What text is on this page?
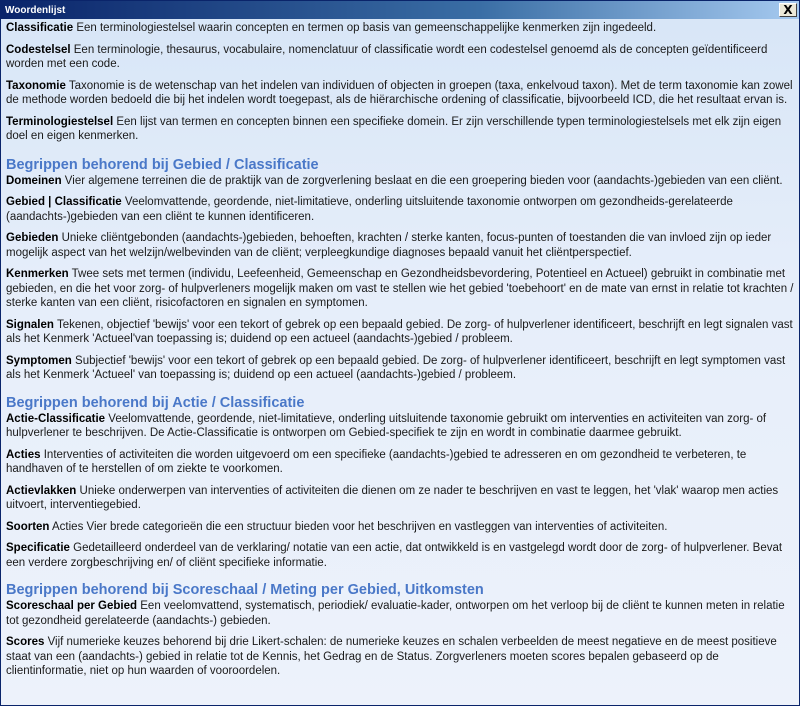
Woordenlijst	X

Classificatie Een terminologiestelsel waarin concepten en termen op basis van gemeenschappelijke kenmerken zijn ingedeeld.

Codestelsel Een terminologie, thesaurus, vocabulaire, nomenclatuur of classificatie wordt een codestelsel genoemd als de concepten geïdentificeerd worden met een code.

Taxonomie Taxonomie is de wetenschap van het indelen van individuen of objecten in groepen (taxa, enkelvoud taxon). Met de term taxonomie kan zowel de methode worden bedoeld die bij het indelen wordt toegepast, als de hiërarchische ordening of classificatie, bijvoorbeeld ICD, die het resultaat ervan is.

Terminologiestelsel Een lijst van termen en concepten binnen een specifieke domein. Er zijn verschillende typen terminologiestelsels met elk zijn eigen doel en eigen kenmerken.

Begrippen behorend bij Gebied / Classificatie

Domeinen Vier algemene terreinen die de praktijk van de zorgverlening beslaat en die een groepering bieden voor (aandachts-)gebieden van een cliënt.

Gebied | Classificatie Veelomvattende, geordende, niet-limitatieve, onderling uitsluitende taxonomie ontworpen om gezondheids-gerelateerde (aandachts-)gebieden van een cliënt te kunnen identificeren.

Gebieden Unieke cliëntgebonden (aandachts-)gebieden, behoeften, krachten / sterke kanten, focus-punten of toestanden die van invloed zijn op ieder mogelijk aspect van het welzijn/welbevinden van de cliënt; verpleegkundige diagnoses bepaald vanuit het cliëntperspectief.

Kenmerken Twee sets met termen (individu, Leefeenheid, Gemeenschap en Gezondheidsbevordering, Potentieel en Actueel) gebruikt in combinatie met gebieden, en die het voor zorg- of hulpverleners mogelijk maken om vast te stellen wie het gebied 'toebehoort' en de mate van ernst in relatie tot krachten / sterke kanten van een cliënt, risicofactoren en signalen en symptomen.

Signalen Tekenen, objectief 'bewijs' voor een tekort of gebrek op een bepaald gebied. De zorg- of hulpverlener identificeert, beschrijft en legt signalen vast als het Kenmerk 'Actueel'van toepassing is; duidend op een actueel (aandachts-)gebied / probleem.

Symptomen Subjectief 'bewijs' voor een tekort of gebrek op een bepaald gebied. De zorg- of hulpverlener identificeert, beschrijft en legt symptomen vast als het Kenmerk 'Actueel' van toepassing is; duidend op een actueel (aandachts-)gebied / probleem.

Begrippen behorend bij Actie / Classificatie

Actie-Classificatie Veelomvattende, geordende, niet-limitatieve, onderling uitsluitende taxonomie gebruikt om interventies en activiteiten van zorg- of hulpverlener te beschrijven. De Actie-Classificatie is ontworpen om Gebied-specifiek te zijn en wordt in combinatie daarmee gebruikt.

Acties Interventies of activiteiten die worden uitgevoerd om een specifieke (aandachts-)gebied te adresseren en om gezondheid te verbeteren, te handhaven of te herstellen of om ziekte te voorkomen.

Actievlakken Unieke onderwerpen van interventies of activiteiten die dienen om ze nader te beschrijven en vast te leggen, het 'vlak' waarop men acties uitvoert, interventiegebied.

Soorten Acties Vier brede categorieën die een structuur bieden voor het beschrijven en vastleggen van interventies of activiteiten.

Specificatie Gedetailleerd onderdeel van de verklaring/ notatie van een actie, dat ontwikkeld is en vastgelegd wordt door de zorg- of hulpverlener. Bevat een verdere zorgbeschrijving en/ of cliënt specifieke informatie.

Begrippen behorend bij Scoreschaal / Meting per Gebied, Uitkomsten

Scoreschaal per Gebied Een veelomvattend, systematisch, periodiek/ evaluatie-kader, ontworpen om het verloop bij de cliënt te kunnen meten in relatie tot gezondheid gerelateerde (aandachts-) gebieden.

Scores Vijf numerieke keuzes behorend bij drie Likert-schalen: de numerieke keuzes en schalen verbeelden de meest negatieve en de meest positieve staat van een (aandachts-) gebied in relatie tot de Kennis, het Gedrag en de Status. Zorgverleners moeten scores bepalen gebaseerd op de clientinformatie, niet op hun waarden of vooroordelen.
